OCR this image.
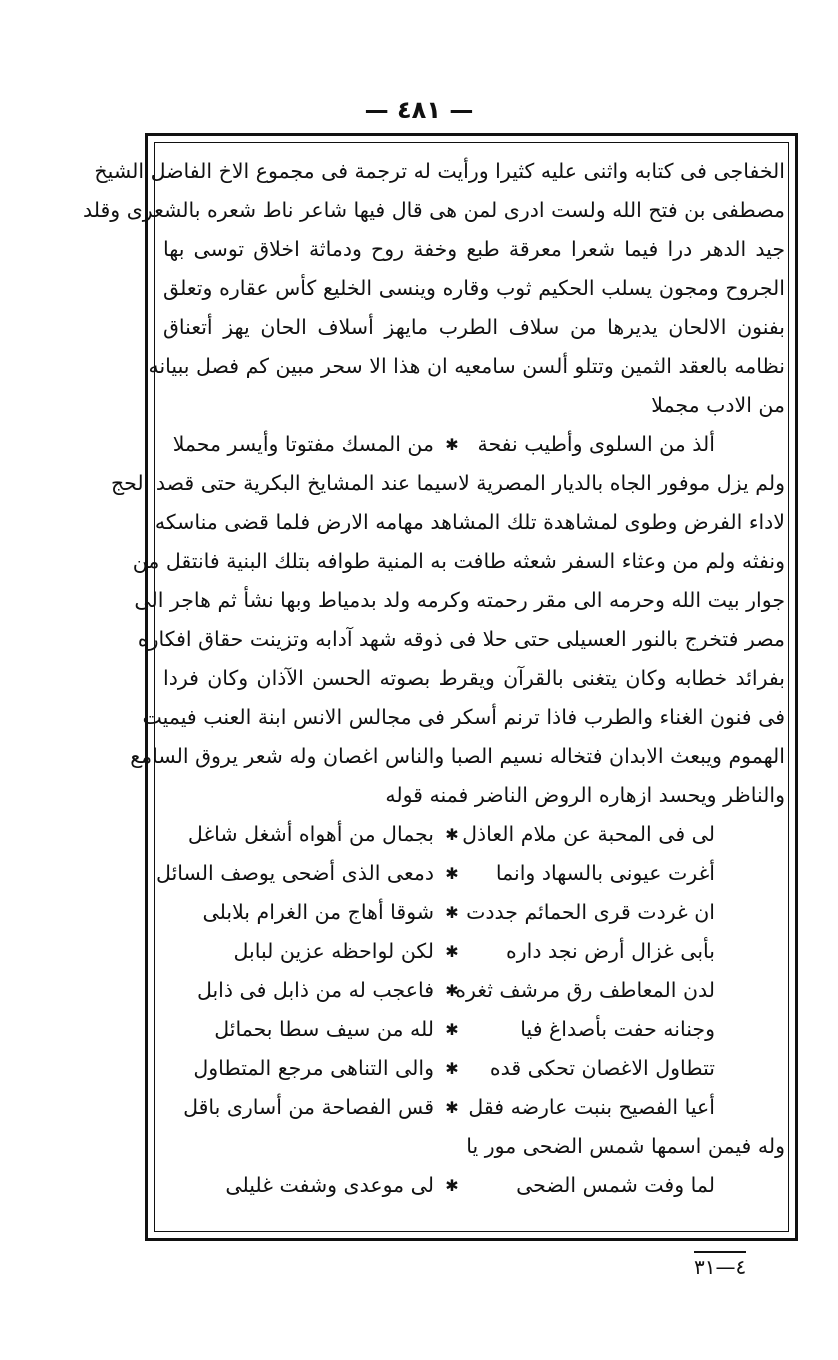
— ٤٨١ —
الخفاجى فى كتابه واثنى عليه كثيرا ورأيت له ترجمة فى مجموع الاخ الفاضل الشيخ
مصطفى بن فتح الله ولست ادرى لمن هى قال فيها شاعر ناط شعره بالشعرى وقلد
جيد الدهر درا فيما شعرا معرقة طبع وخفة روح ودماثة اخلاق توسى بها
الجروح ومجون يسلب الحكيم ثوب وقاره وينسى الخليع كأس عقاره وتعلق
بفنون الالحان يديرها من سلاف الطرب مايهز أسلاف الحان يهز أتعناق
نظامه بالعقد الثمين وتتلو ألسن سامعيه ان هذا الا سحر مبين كم فصل ببيانه
من الادب مجملا
ألذ من السلوى وأطيب نفحة
✱
من المسك مفتوتا وأيسر محملا
ولم يزل موفور الجاه بالديار المصرية لاسيما عند المشايخ البكرية حتى قصد الحج
لاداء الفرض وطوى لمشاهدة تلك المشاهد مهامه الارض فلما قضى مناسكه
ونفثه ولم من وعثاء السفر شعثه طافت به المنية طوافه بتلك البنية فانتقل من
جوار بيت الله وحرمه الى مقر رحمته وكرمه ولد بدمياط وبها نشأ ثم هاجر الى
مصر فتخرج بالنور العسيلى حتى حلا فى ذوقه شهد آدابه وتزينت حقاق افكاره
بفرائد خطابه وكان يتغنى بالقرآن ويقرط بصوته الحسن الآذان وكان فردا
فى فنون الغناء والطرب فاذا ترنم أسكر فى مجالس الانس ابنة العنب فيميت
الهموم ويبعث الابدان فتخاله نسيم الصبا والناس اغصان وله شعر يروق السامع
والناظر ويحسد ازهاره الروض الناضر فمنه قوله
لى فى المحبة عن ملام العاذل
✱
بجمال من أهواه أشغل شاغل
أغرت عيونى بالسهاد وانما
✱
دمعى الذى أضحى يوصف السائل
ان غردت قرى الحمائم جددت
✱
شوقا أهاج من الغرام بلابلى
بأبى غزال أرض نجد داره
✱
لكن لواحظه عزين لبابل
لدن المعاطف رق مرشف ثغره
✱
فاعجب له من ذابل فى ذابل
وجنانه حفت بأصداغ فيا
✱
لله من سيف سطا بحمائل
تتطاول الاغصان تحكى قده
✱
والى التناهى مرجع المتطاول
أعيا الفصيح بنبت عارضه فقل
✱
قس الفصاحة من أسارى باقل
وله فيمن اسمها شمس الضحى مور يا
لما وفت شمس الضحى
✱
لى موعدى وشفت غليلى
٤—٣١
